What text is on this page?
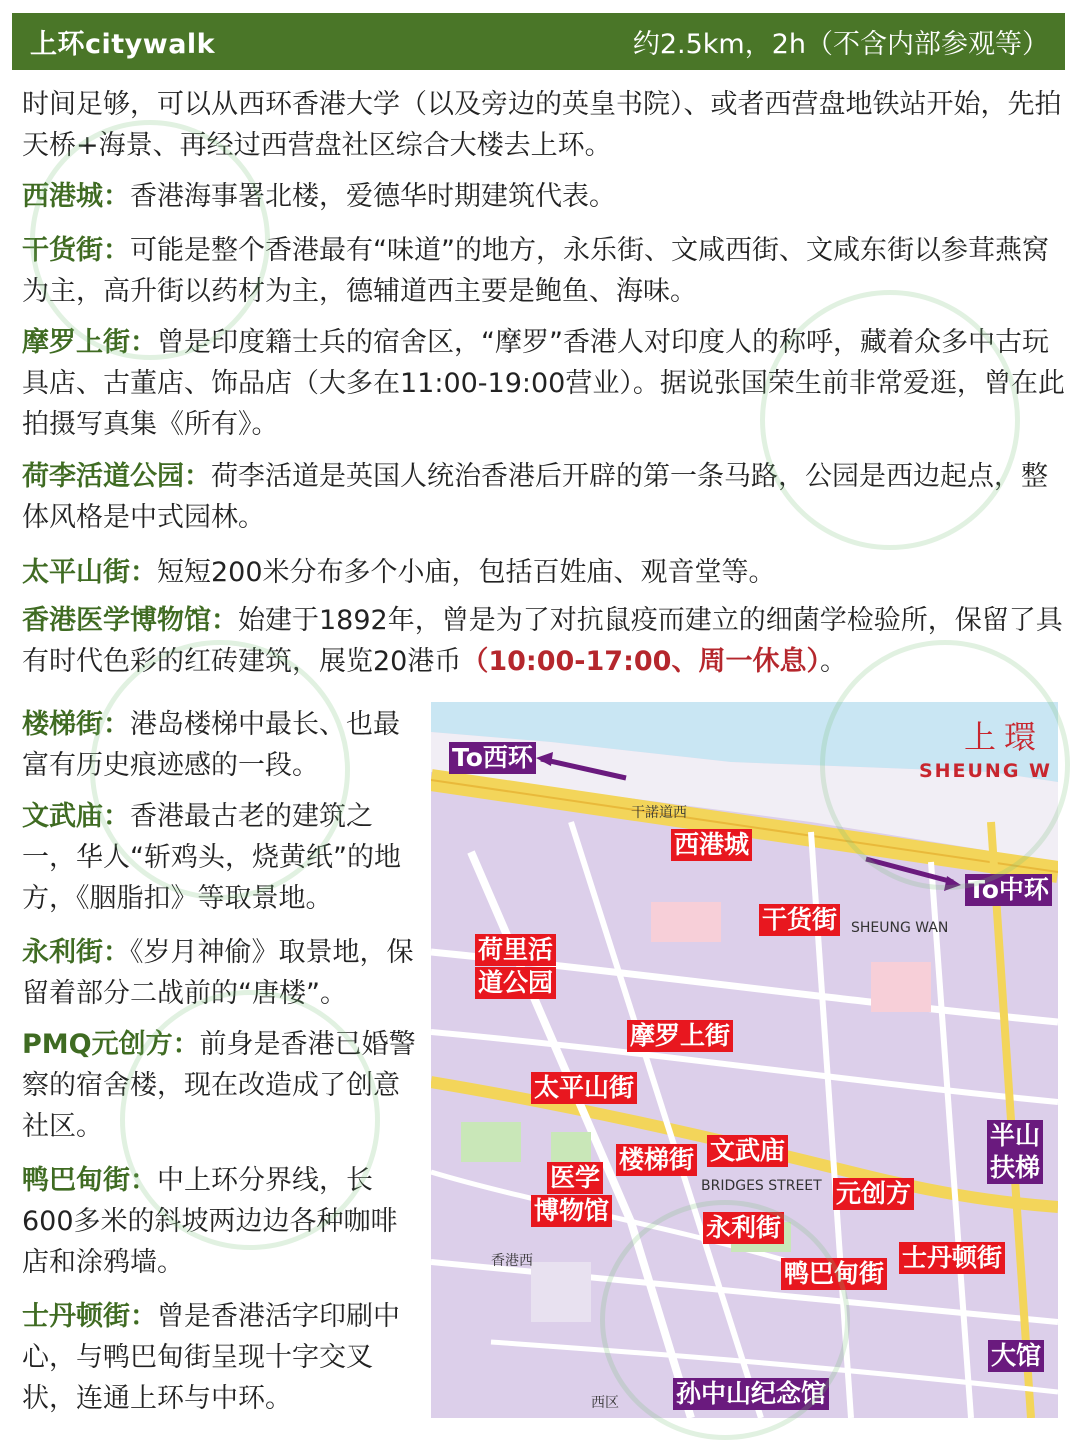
上环citywalk	约2.5km，2h（不含内部参观等）

时间足够，可以从西环香港大学（以及旁边的英皇书院）、或者西营盘地铁站开始，先拍天桥+海景、再经过西营盘社区综合大楼去上环。

西港城：香港海事署北楼，爱德华时期建筑代表。

干货街：可能是整个香港最有“味道”的地方，永乐街、文咸西街、文咸东街以参茸燕窝为主，高升街以药材为主，德辅道西主要是鲍鱼、海味。

摩罗上街：曾是印度籍士兵的宿舍区，“摩罗”香港人对印度人的称呼，藏着众多中古玩具店、古董店、饰品店（大多在11:00-19:00营业）。据说张国荣生前非常爱逛，曾在此拍摄写真集《所有》。

荷李活道公园：荷李活道是英国人统治香港后开辟的第一条马路，公园是西边起点，整体风格是中式园林。

太平山街：短短200米分布多个小庙，包括百姓庙、观音堂等。

香港医学博物馆：始建于1892年，曾是为了对抗鼠疫而建立的细菌学检验所，保留了具有时代色彩的红砖建筑，展览20港币（10:00-17:00、周一休息）。

楼梯街：港岛楼梯中最长、也最富有历史痕迹感的一段。

文武庙：香港最古老的建筑之一，华人“斩鸡头，烧黄纸”的地方，《胭脂扣》等取景地。

永利街：《岁月神偷》取景地，保留着部分二战前的“唐楼”。

PMQ元创方：前身是香港已婚警察的宿舍楼，现在改造成了创意社区。

鸭巴甸街：中上环分界线，长600多米的斜坡两边边各种咖啡店和涂鸦墙。

士丹顿街：曾是香港活字印刷中心，与鸭巴甸街呈现十字交叉状，连通上环与中环。

上環
SHEUNG W
干諾道西
SHEUNG WAN
BRIDGES STREET
香港西
西区
To西环
西港城
To中环
干货街
荷里活
道公园
摩罗上街
太平山街
半山
扶梯
楼梯街 文武庙
医学
博物馆
元创方
永利街
鸭巴甸街
士丹顿街
大馆
孙中山纪念馆
